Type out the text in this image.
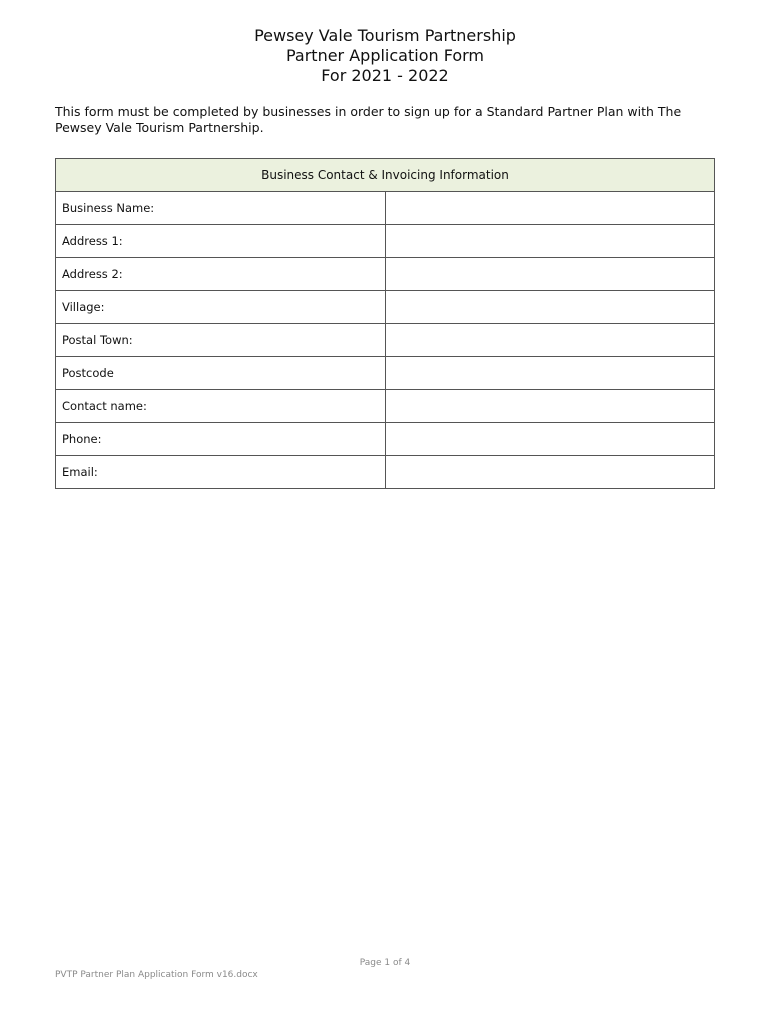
Pewsey Vale Tourism Partnership

Partner Application Form

For 2021 - 2022

This form must be completed by businesses in order to sign up for a Standard Partner Plan with The Pewsey Vale Tourism Partnership.

Business Contact & Invoicing Information	
Business Name:	
Address 1:	
Address 2:	
Village:	
Postal Town:	
Postcode	
Contact name:	
Phone:	
Email:	
Page 1 of 4
PVTP Partner Plan Application Form v16.docx
